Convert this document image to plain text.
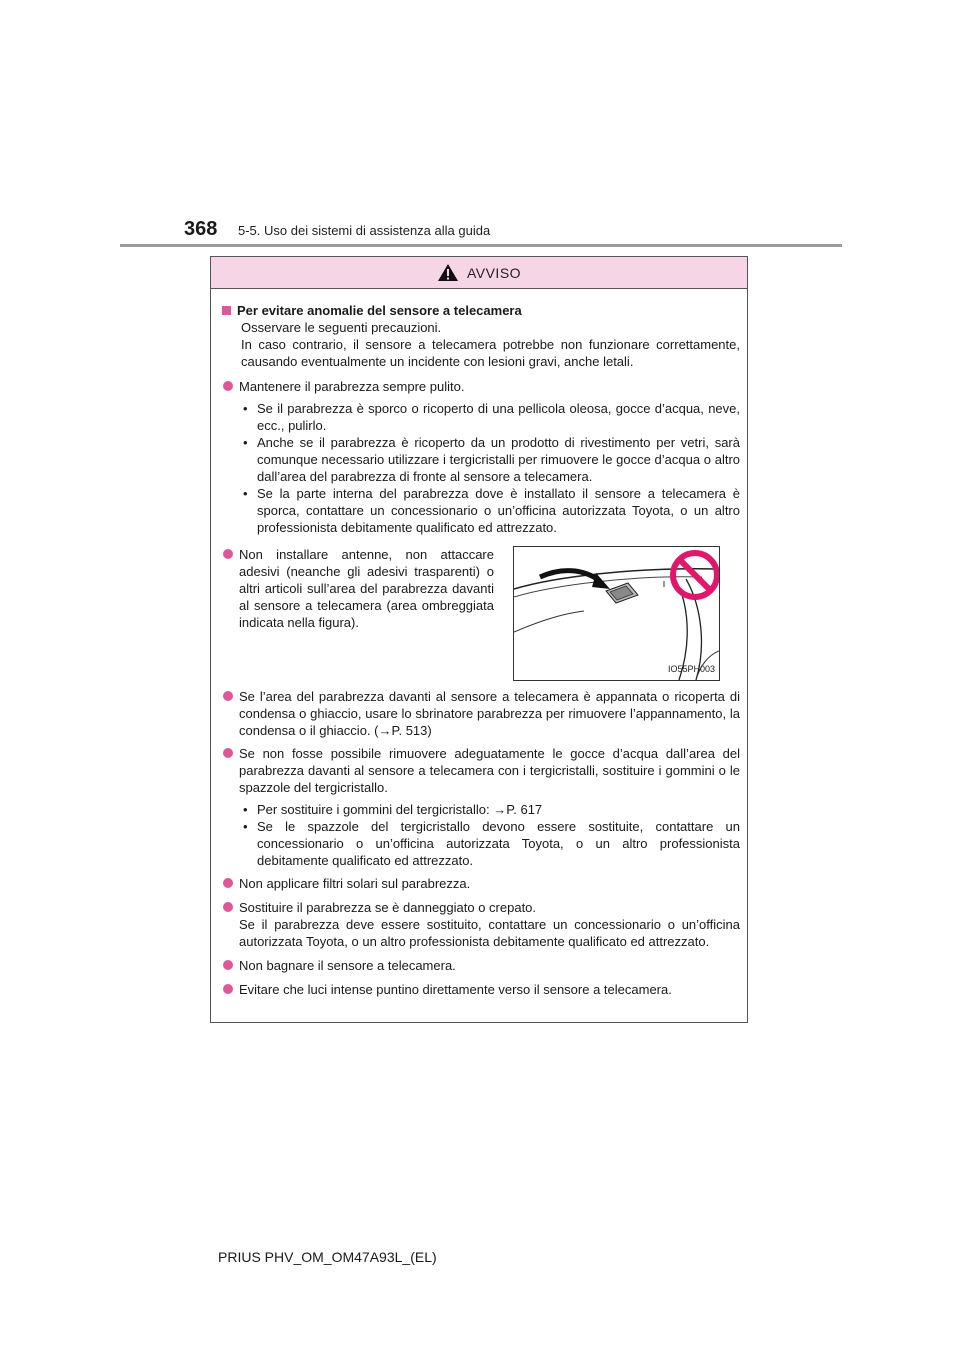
368 5-5. Uso dei sistemi di assistenza alla guida
AVVISO
Per evitare anomalie del sensore a telecamera

Osservare le seguenti precauzioni.

In caso contrario, il sensore a telecamera potrebbe non funzionare correttamente, causando eventualmente un incidente con lesioni gravi, anche letali.

Mantenere il parabrezza sempre pulito.
• Se il parabrezza è sporco o ricoperto di una pellicola oleosa, gocce d’acqua, neve, ecc., pulirlo.
• Anche se il parabrezza è ricoperto da un prodotto di rivestimento per vetri, sarà comunque necessario utilizzare i tergicristalli per rimuovere le gocce d’acqua o altro dall’area del parabrezza di fronte al sensore a telecamera.
• Se la parte interna del parabrezza dove è installato il sensore a telecamera è sporca, contattare un concessionario o un’officina autorizzata Toyota, o un altro professionista debitamente qualificato ed attrezzato.
Non installare antenne, non attaccare adesivi (neanche gli adesivi trasparenti) o altri articoli sull’area del parabrezza davanti al sensore a telecamera (area ombreggiata indicata nella figura).
IO55PH003
Se l’area del parabrezza davanti al sensore a telecamera è appannata o ricoperta di condensa o ghiaccio, usare lo sbrinatore parabrezza per rimuovere l’appannamento, la condensa o il ghiaccio. (→P. 513)
Se non fosse possibile rimuovere adeguatamente le gocce d’acqua dall’area del parabrezza davanti al sensore a telecamera con i tergicristalli, sostituire i gommini o le spazzole del tergicristallo.
• Per sostituire i gommini del tergicristallo: →P. 617
• Se le spazzole del tergicristallo devono essere sostituite, contattare un concessionario o un’officina autorizzata Toyota, o un altro professionista debitamente qualificato ed attrezzato.
Non applicare filtri solari sul parabrezza.
Sostituire il parabrezza se è danneggiato o crepato.
Se il parabrezza deve essere sostituito, contattare un concessionario o un’officina autorizzata Toyota, o un altro professionista debitamente qualificato ed attrezzato.
Non bagnare il sensore a telecamera.
Evitare che luci intense puntino direttamente verso il sensore a telecamera.
PRIUS PHV_OM_OM47A93L_(EL)
